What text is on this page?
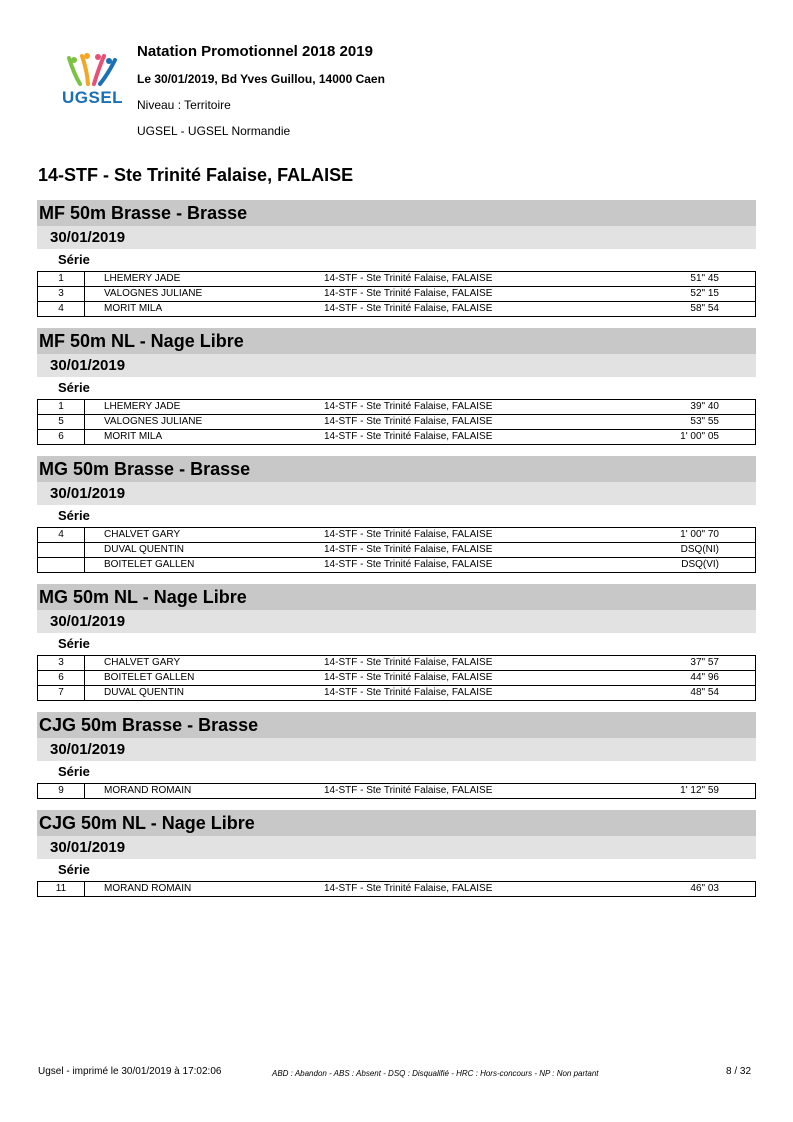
UGSEL
Natation Promotionnel 2018 2019
Le 30/01/2019, Bd Yves Guillou, 14000 Caen
Niveau : Territoire
UGSEL - UGSEL Normandie
14-STF - Ste Trinité Falaise, FALAISE
MF 50m Brasse - Brasse
30/01/2019
Série
1	LHEMERY JADE	14-STF - Ste Trinité Falaise, FALAISE	51" 45
3	VALOGNES JULIANE	14-STF - Ste Trinité Falaise, FALAISE	52" 15
4	MORIT MILA	14-STF - Ste Trinité Falaise, FALAISE	58" 54
MF 50m NL - Nage Libre
30/01/2019
Série
1	LHEMERY JADE	14-STF - Ste Trinité Falaise, FALAISE	39" 40
5	VALOGNES JULIANE	14-STF - Ste Trinité Falaise, FALAISE	53" 55
6	MORIT MILA	14-STF - Ste Trinité Falaise, FALAISE	1' 00" 05
MG 50m Brasse - Brasse
30/01/2019
Série
4	CHALVET GARY	14-STF - Ste Trinité Falaise, FALAISE	1' 00" 70
	DUVAL QUENTIN	14-STF - Ste Trinité Falaise, FALAISE	DSQ(NI)
	BOITELET GALLEN	14-STF - Ste Trinité Falaise, FALAISE	DSQ(VI)
MG 50m NL - Nage Libre
30/01/2019
Série
3	CHALVET GARY	14-STF - Ste Trinité Falaise, FALAISE	37" 57
6	BOITELET GALLEN	14-STF - Ste Trinité Falaise, FALAISE	44" 96
7	DUVAL QUENTIN	14-STF - Ste Trinité Falaise, FALAISE	48" 54
CJG 50m Brasse - Brasse
30/01/2019
Série
9	MORAND ROMAIN	14-STF - Ste Trinité Falaise, FALAISE	1' 12" 59
CJG 50m NL - Nage Libre
30/01/2019
Série
11	MORAND ROMAIN	14-STF - Ste Trinité Falaise, FALAISE	46" 03
Ugsel - imprimé le 30/01/2019 à 17:02:06	ABD : Abandon - ABS : Absent - DSQ : Disqualifié - HRC : Hors-concours - NP : Non partant	8 / 32
